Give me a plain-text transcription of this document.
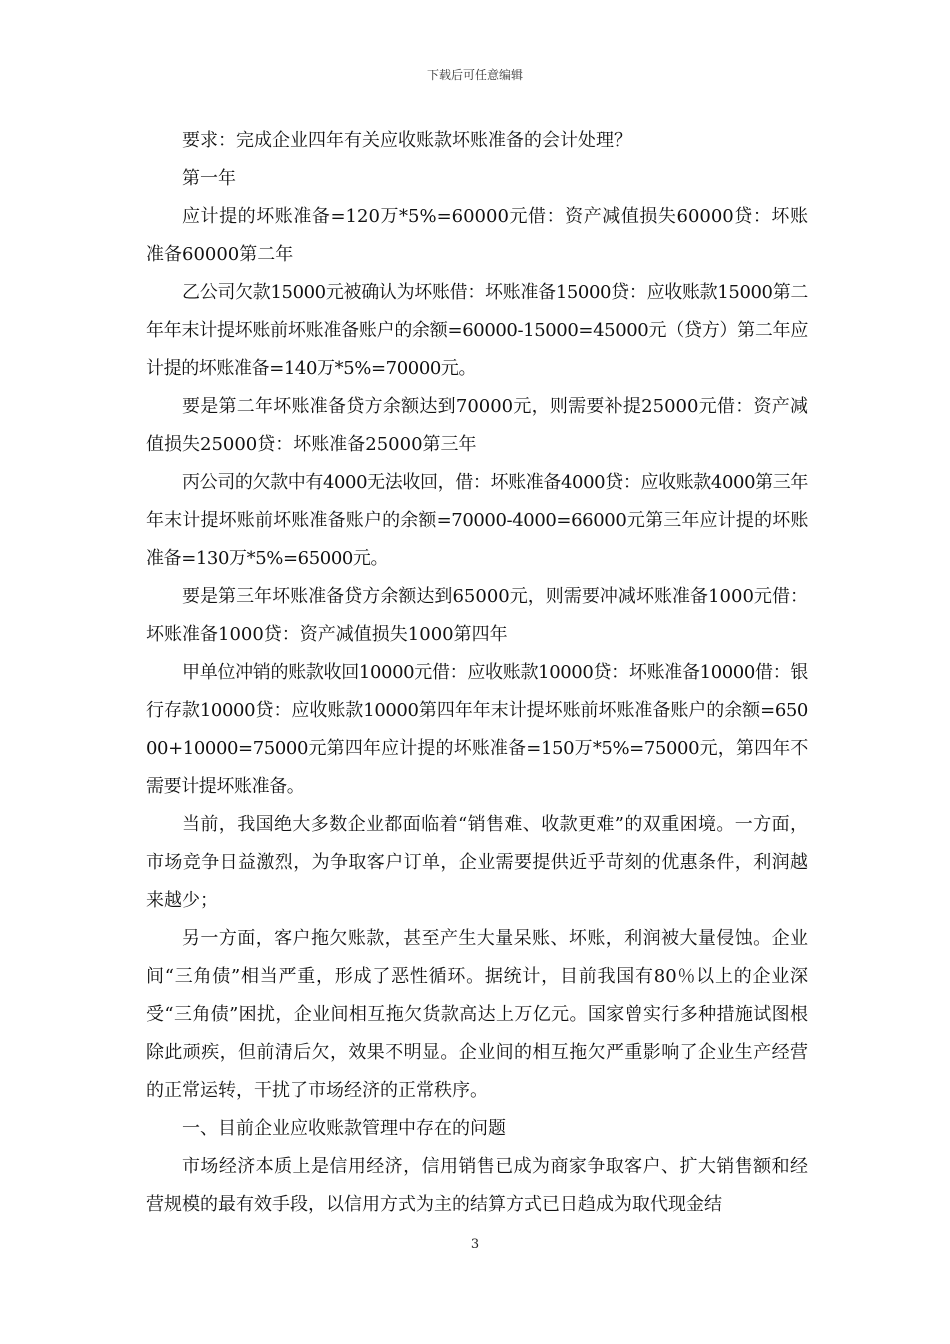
下载后可任意编辑

要求：完成企业四年有关应收账款坏账准备的会计处理？

第一年

应计提的坏账准备=120万*5%=60000元借：资产减值损失60000贷：坏账准备60000第二年

乙公司欠款15000元被确认为坏账借：坏账准备15000贷：应收账款15000第二年年末计提坏账前坏账准备账户的余额=60000-15000=45000元（贷方）第二年应计提的坏账准备=140万*5%=70000元。

要是第二年坏账准备贷方余额达到70000元，则需要补提25000元借：资产减值损失25000贷：坏账准备25000第三年

丙公司的欠款中有4000无法收回，借：坏账准备4000贷：应收账款4000第三年年末计提坏账前坏账准备账户的余额=70000-4000=66000元第三年应计提的坏账准备=130万*5%=65000元。

要是第三年坏账准备贷方余额达到65000元，则需要冲减坏账准备1000元借：坏账准备1000贷：资产减值损失1000第四年

甲单位冲销的账款收回10000元借：应收账款10000贷：坏账准备10000借：银行存款10000贷：应收账款10000第四年年末计提坏账前坏账准备账户的余额=65000+10000=75000元第四年应计提的坏账准备=150万*5%=75000元，第四年不需要计提坏账准备。

当前，我国绝大多数企业都面临着“销售难、收款更难”的双重困境。一方面，市场竞争日益激烈，为争取客户订单，企业需要提供近乎苛刻的优惠条件，利润越来越少；

另一方面，客户拖欠账款，甚至产生大量呆账、坏账，利润被大量侵蚀。企业间“三角债”相当严重，形成了恶性循环。据统计，目前我国有80％以上的企业深受“三角债”困扰，企业间相互拖欠货款高达上万亿元。国家曾实行多种措施试图根除此顽疾，但前清后欠，效果不明显。企业间的相互拖欠严重影响了企业生产经营的正常运转，干扰了市场经济的正常秩序。

一、目前企业应收账款管理中存在的问题

市场经济本质上是信用经济，信用销售已成为商家争取客户、扩大销售额和经营规模的最有效手段，以信用方式为主的结算方式已日趋成为取代现金结

3
